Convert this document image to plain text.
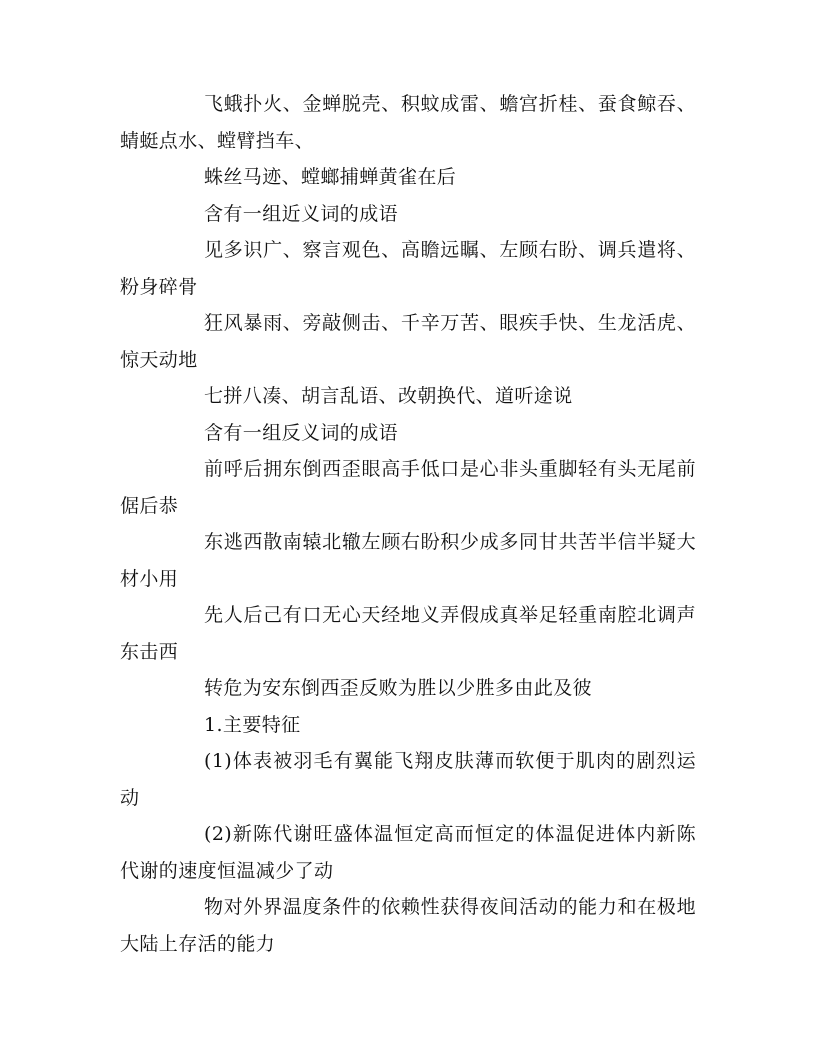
飞蛾扑火、金蝉脱壳、积蚊成雷、蟾宫折桂、蚕食鲸吞、蜻蜓点水、螳臂挡车、

蛛丝马迹、螳螂捕蝉黄雀在后

含有一组近义词的成语

见多识广、察言观色、高瞻远瞩、左顾右盼、调兵遣将、粉身碎骨

狂风暴雨、旁敲侧击、千辛万苦、眼疾手快、生龙活虎、惊天动地

七拼八凑、胡言乱语、改朝换代、道听途说

含有一组反义词的成语

前呼后拥东倒西歪眼高手低口是心非头重脚轻有头无尾前倨后恭

东逃西散南辕北辙左顾右盼积少成多同甘共苦半信半疑大材小用

先人后己有口无心天经地义弄假成真举足轻重南腔北调声东击西

转危为安东倒西歪反败为胜以少胜多由此及彼

1.主要特征

(1)体表被羽毛有翼能飞翔皮肤薄而软便于肌肉的剧烈运动

(2)新陈代谢旺盛体温恒定高而恒定的体温促进体内新陈代谢的速度恒温减少了动

物对外界温度条件的依赖性获得夜间活动的能力和在极地大陆上存活的能力
